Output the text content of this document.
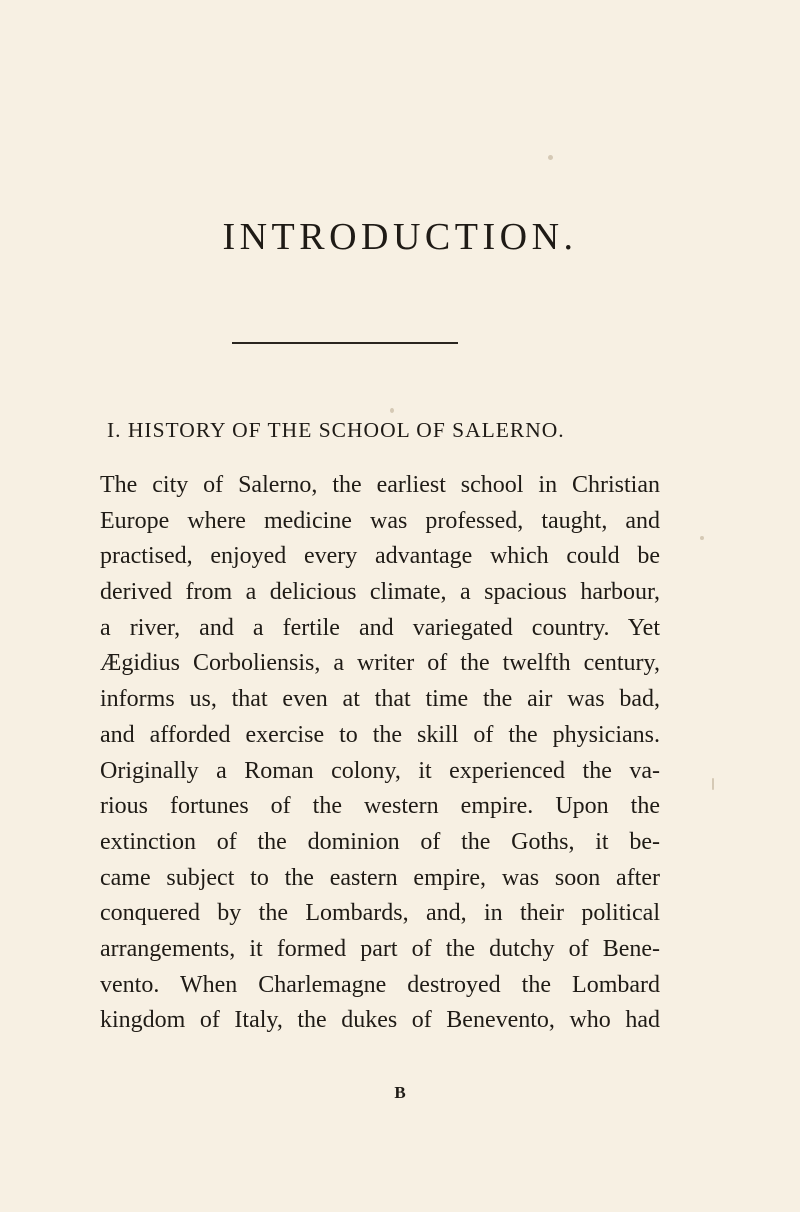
INTRODUCTION.
I. HISTORY OF THE SCHOOL OF SALERNO.
The city of Salerno, the earliest school in Christian
Europe where medicine was professed, taught, and
practised, enjoyed every advantage which could be
derived from a delicious climate, a spacious harbour,
a river, and a fertile and variegated country. Yet
Ægidius Corboliensis, a writer of the twelfth century,
informs us, that even at that time the air was bad,
and afforded exercise to the skill of the physicians.
Originally a Roman colony, it experienced the va-
rious fortunes of the western empire. Upon the
extinction of the dominion of the Goths, it be-
came subject to the eastern empire, was soon after
conquered by the Lombards, and, in their political
arrangements, it formed part of the dutchy of Bene-
vento. When Charlemagne destroyed the Lombard
kingdom of Italy, the dukes of Benevento, who had
B
